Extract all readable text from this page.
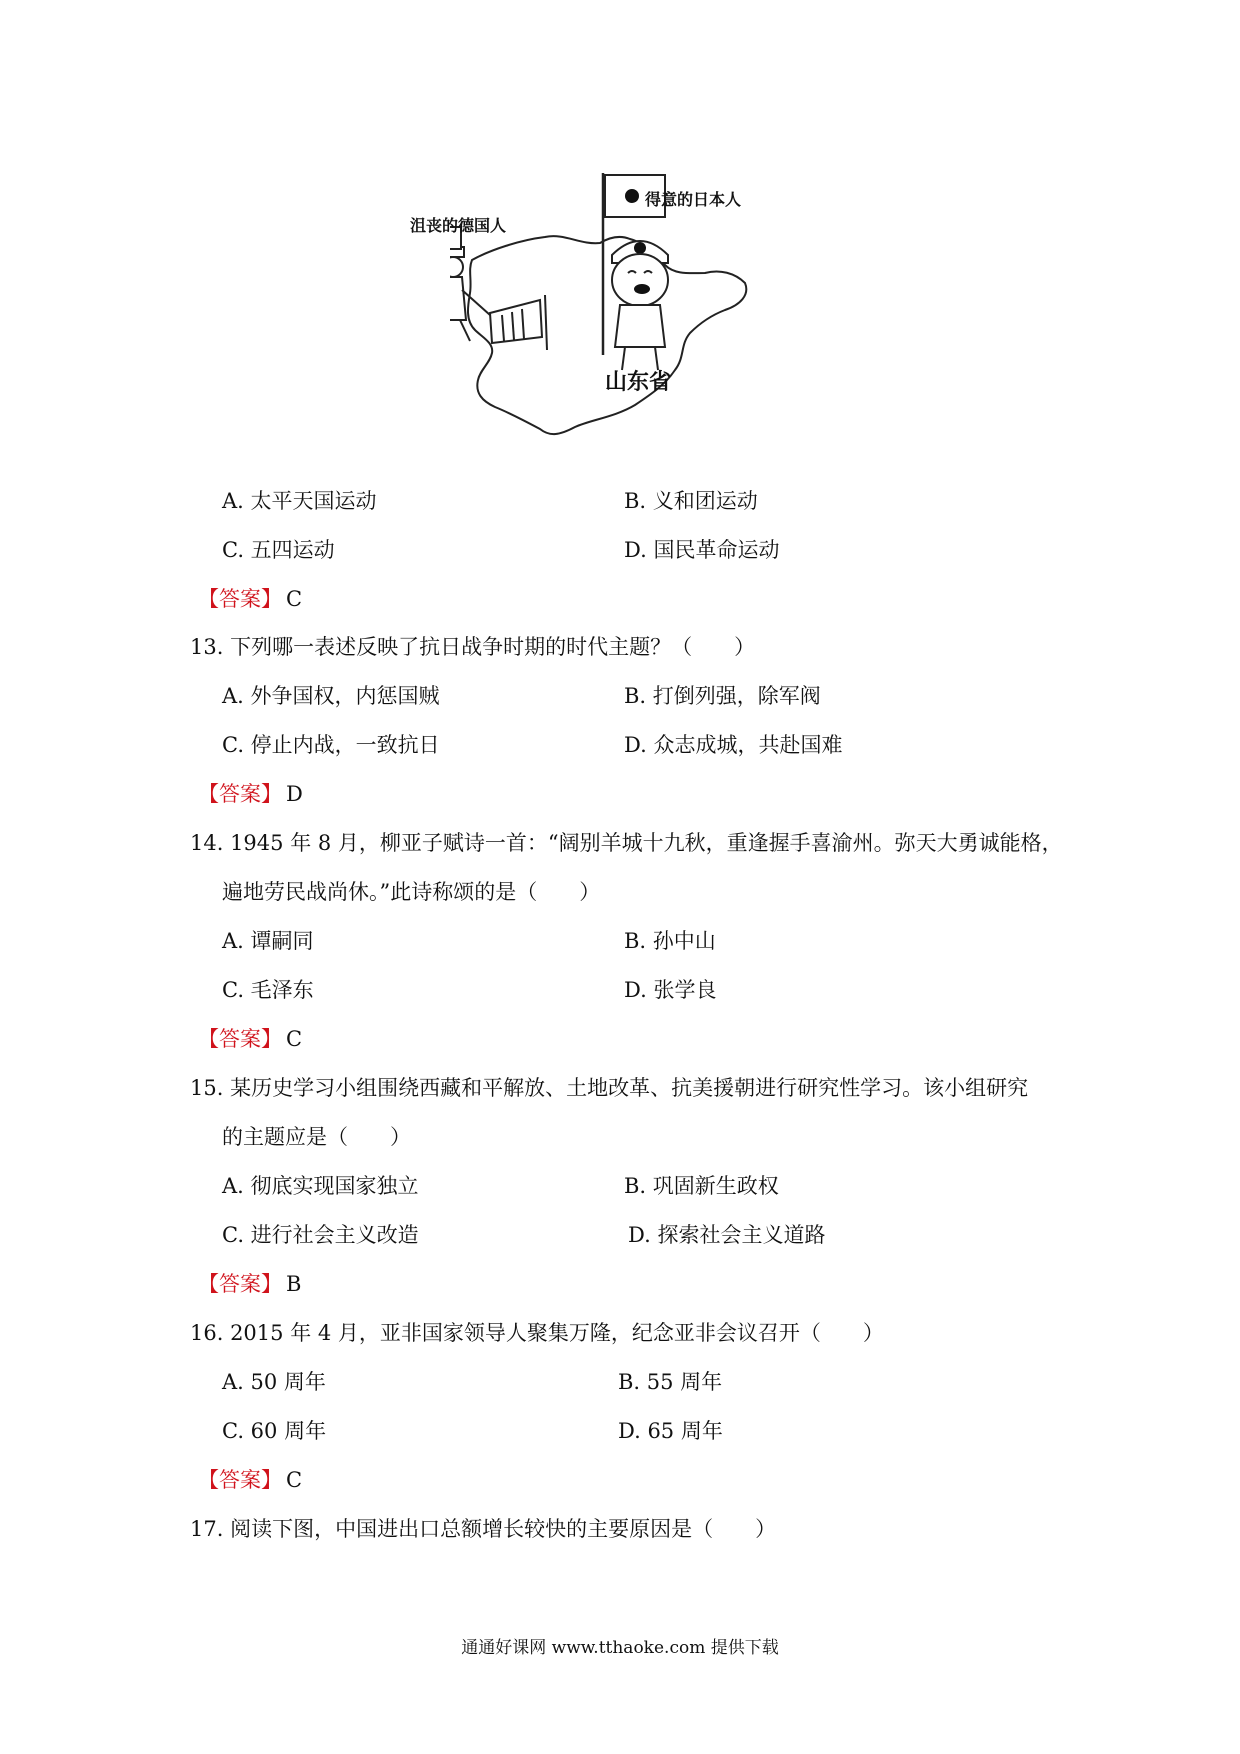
得意的日本人
沮丧的德国人
山东省
A. 太平天国运动	B. 义和团运动
C. 五四运动	D. 国民革命运动
【答案】 C
13. 下列哪一表述反映了抗日战争时期的时代主题？（　　）
A. 外争国权，内惩国贼	B. 打倒列强，除军阀
C. 停止内战，一致抗日	D. 众志成城，共赴国难
【答案】 D
14. 1945 年 8 月，柳亚子赋诗一首：“阔别羊城十九秋，重逢握手喜渝州。弥天大勇诚能格，
遍地劳民战尚休。”此诗称颂的是（　　）
A. 谭嗣同	B. 孙中山
C. 毛泽东	D. 张学良
【答案】 C
15. 某历史学习小组围绕西藏和平解放、土地改革、抗美援朝进行研究性学习。该小组研究
的主题应是（　　）
A. 彻底实现国家独立	B. 巩固新生政权
C. 进行社会主义改造	D. 探索社会主义道路
【答案】 B
16. 2015 年 4 月，亚非国家领导人聚集万隆，纪念亚非会议召开（　　）
A. 50 周年	B. 55 周年
C. 60 周年	D. 65 周年
【答案】 C
17. 阅读下图，中国进出口总额增长较快的主要原因是（　　）
通通好课网 www.tthaoke.com 提供下载
